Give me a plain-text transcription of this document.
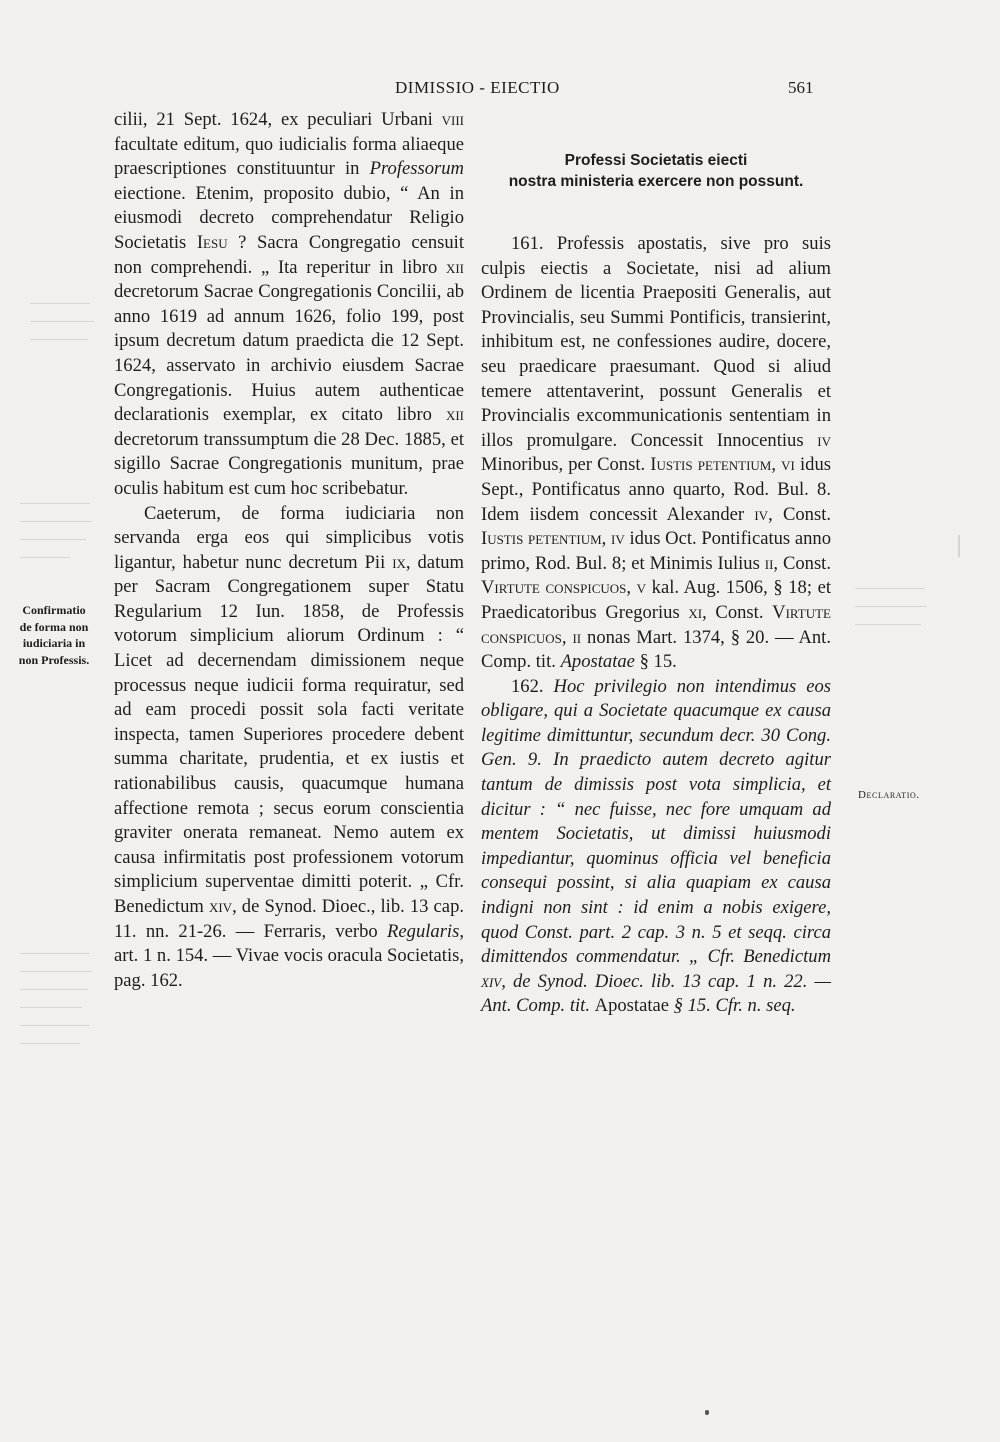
DIMISSIO - EIECTIO	561

cilii, 21 Sept. 1624, ex peculiari Urbani viii facultate editum, quo iudicialis forma aliaeque praescriptiones constituuntur in Professorum eiectione. Etenim, proposito dubio, “ An in eiusmodi decreto comprehendatur Religio Societatis Iesu ? Sacra Congregatio censuit non comprehendi. „ Ita reperitur in libro xii decretorum Sacrae Congregationis Concilii, ab anno 1619 ad annum 1626, folio 199, post ipsum decretum datum praedicta die 12 Sept. 1624, asservato in archivio eiusdem Sacrae Congregationis. Huius autem authenticae declarationis exemplar, ex citato libro xii decretorum transsumptum die 28 Dec. 1885, et sigillo Sacrae Congregationis munitum, prae oculis habitum est cum hoc scribebatur.

Caeterum, de forma iudiciaria non servanda erga eos qui simplicibus votis ligantur, habetur nunc decretum Pii ix, datum per Sacram Congregationem super Statu Regularium 12 Iun. 1858, de Professis votorum simplicium aliorum Ordinum : “ Licet ad decernendam dimissionem neque processus neque iudicii forma requiratur, sed ad eam procedi possit sola facti veritate inspecta, tamen Superiores procedere debent summa charitate, prudentia, et ex iustis et rationabilibus causis, quacumque humana affectione remota ; secus eorum conscientia graviter onerata remaneat. Nemo autem ex causa infirmitatis post professionem votorum simplicium superventae dimitti poterit. „ Cfr. Benedictum xiv, de Synod. Dioec., lib. 13 cap. 11. nn. 21-26. — Ferraris, verbo Regularis, art. 1 n. 154. — Vivae vocis oracula Societatis, pag. 162.

Professi Societatis eiecti
nostra ministeria exercere non possunt.

161. Professis apostatis, sive pro suis culpis eiectis a Societate, nisi ad alium Ordinem de licentia Praepositi Generalis, aut Provincialis, seu Summi Pontificis, transierint, inhibitum est, ne confessiones audire, docere, seu praedicare praesumant. Quod si aliud temere attentaverint, possunt Generalis et Provincialis excommunicationis sententiam in illos promulgare. Concessit Innocentius iv Minoribus, per Const. Iustis petentium, vi idus Sept., Pontificatus anno quarto, Rod. Bul. 8. Idem iisdem concessit Alexander iv, Const. Iustis petentium, iv idus Oct. Pontificatus anno primo, Rod. Bul. 8; et Minimis Iulius ii, Const. Virtute conspicuos, v kal. Aug. 1506, § 18; et Praedicatoribus Gregorius xi, Const. Virtute conspicuos, ii nonas Mart. 1374, § 20. — Ant. Comp. tit. Apostatae § 15.

162. Hoc privilegio non intendimus eos obligare, qui a Societate quacumque ex causa legitime dimittuntur, secundum decr. 30 Cong. Gen. 9. In praedicto autem decreto agitur tantum de dimissis post vota simplicia, et dicitur : “ nec fuisse, nec fore umquam ad mentem Societatis, ut dimissi huiusmodi impediantur, quominus officia vel beneficia consequi possint, si alia quapiam ex causa indigni non sint : id enim a nobis exigere, quod Const. part. 2 cap. 3 n. 5 et seqq. circa dimittendos commendatur. „ Cfr. Benedictum xiv, de Synod. Dioec. lib. 13 cap. 1 n. 22. — Ant. Comp. tit. Apostatae § 15. Cfr. n. seq.

Confirmatio
de forma non
iudiciaria in
non Professis.
Declaratio.
